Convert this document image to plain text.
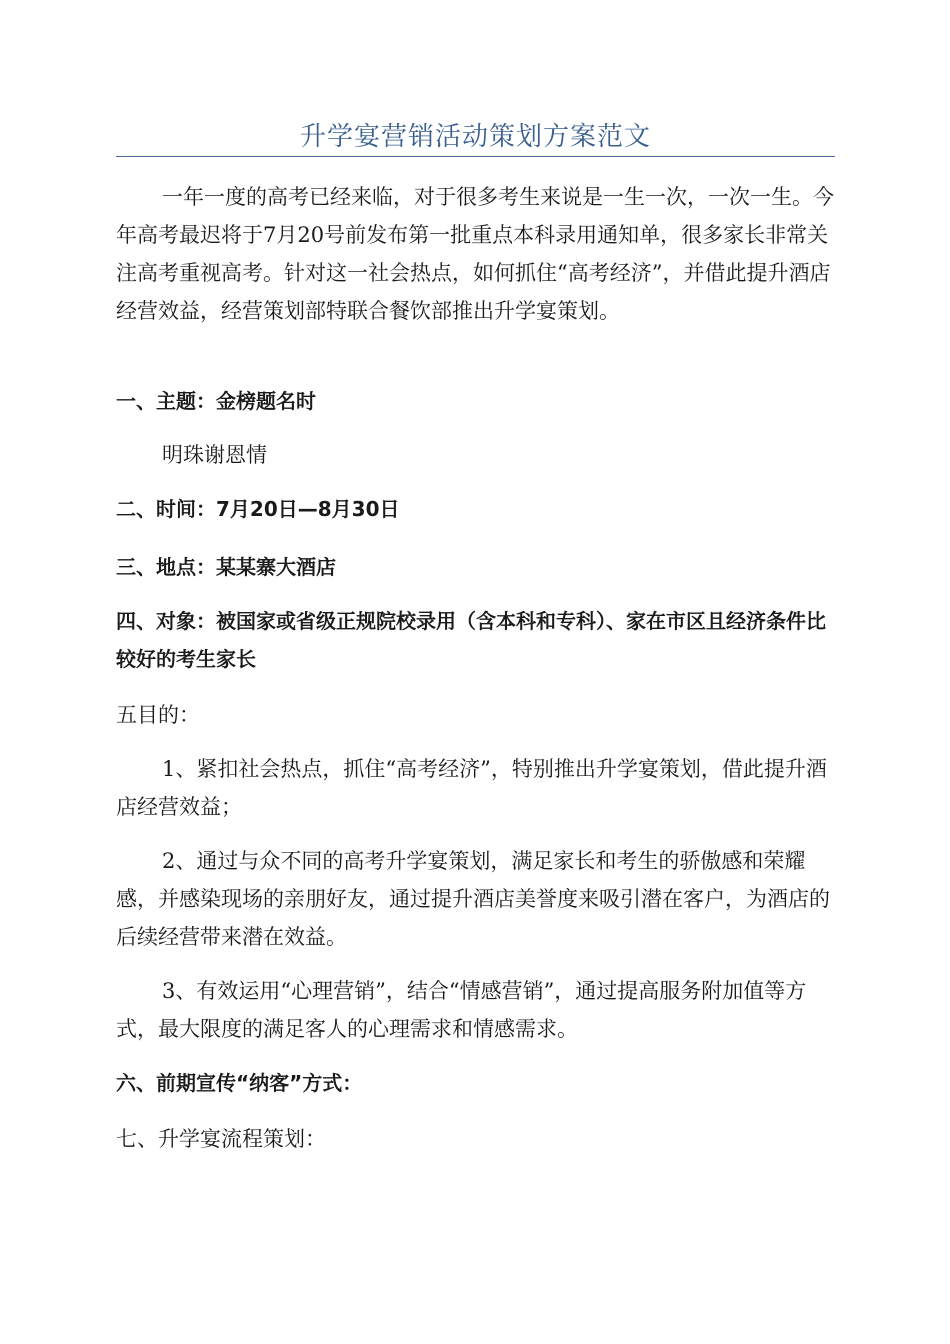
升学宴营销活动策划方案范文

一年一度的高考已经来临，对于很多考生来说是一生一次，一次一生。今年高考最迟将于7月20号前发布第一批重点本科录用通知单，很多家长非常关注高考重视高考。针对这一社会热点，如何抓住“高考经济”，并借此提升酒店经营效益，经营策划部特联合餐饮部推出升学宴策划。

一、主题：金榜题名时

明珠谢恩情

二、时间：7月20日—8月30日

三、地点：某某寨大酒店

四、对象：被国家或省级正规院校录用（含本科和专科）、家在市区且经济条件比较好的考生家长

五目的：

1、紧扣社会热点，抓住“高考经济”，特别推出升学宴策划，借此提升酒店经营效益；

2、通过与众不同的高考升学宴策划，满足家长和考生的骄傲感和荣耀感，并感染现场的亲朋好友，通过提升酒店美誉度来吸引潜在客户，为酒店的后续经营带来潜在效益。

3、有效运用“心理营销”，结合“情感营销”，通过提高服务附加值等方式，最大限度的满足客人的心理需求和情感需求。

六、前期宣传“纳客”方式：

七、升学宴流程策划：
